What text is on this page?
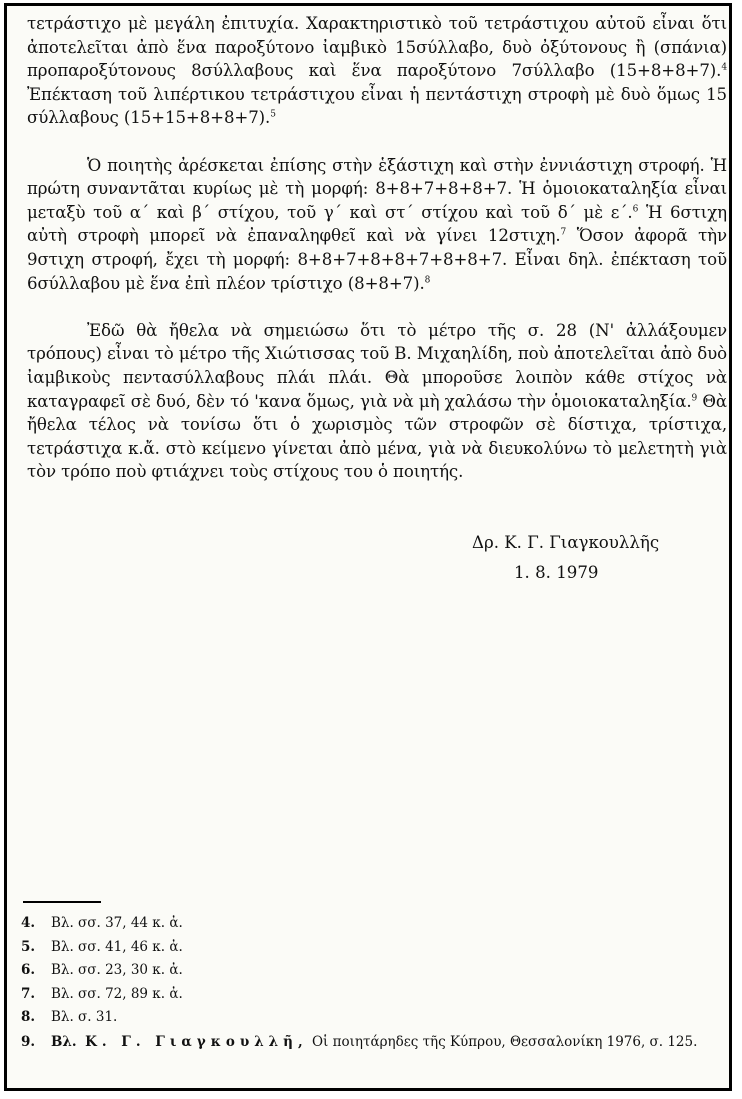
τετράστιχο μὲ μεγάλη ἐπιτυχία. Χαρακτηριστικὸ τοῦ τετράστιχου αὐτοῦ εἶναι ὅτι ἀποτελεῖται ἀπὸ ἕνα παροξύτονο ἰαμβικὸ 15σύλλαβο, δυὸ ὀξύτονους ἢ (σπάνια) προπαροξύτονους 8σύλλαβους καὶ ἕνα παροξύτονο 7σύλλαβο (15+8+8+7).$^4$ Ἐπέκταση τοῦ λιπέρτικου τετράστιχου εἶναι ἡ πεντάστιχη στροφὴ μὲ δυὸ ὅμως 15 σύλλαβους (15+15+8+8+7).$^5$

Ὁ ποιητὴς ἀρέσκεται ἐπίσης στὴν ἑξάστιχη καὶ στὴν ἐννιάστιχη στροφή. Ἡ πρώτη συναντᾶται κυρίως μὲ τὴ μορφή: 8+8+7+8+8+7. Ἡ ὁμοιοκαταληξία εἶναι μεταξὺ τοῦ α΄ καὶ β΄ στίχου, τοῦ γ΄ καὶ στ΄ στίχου καὶ τοῦ δ΄ μὲ ε΄.$^6$ Ἡ 6στιχη αὐτὴ στροφὴ μπορεῖ νὰ ἐπαναληφθεῖ καὶ νὰ γίνει 12στιχη.$^7$ Ὅσον ἀφορᾶ τὴν 9στιχη στροφή, ἔχει τὴ μορφή: 8+8+7+8+8+7+8+8+7. Εἶναι δηλ. ἐπέκταση τοῦ 6σύλλαβου μὲ ἕνα ἐπὶ πλέον τρίστιχο (8+8+7).$^8$

Ἐδῶ θὰ ἤθελα νὰ σημειώσω ὅτι τὸ μέτρο τῆς σ. 28 (Ν' ἀλλάξουμεν τρόπους) εἶναι τὸ μέτρο τῆς Χιώτισσας τοῦ Β. Μιχαηλίδη, ποὺ ἀποτελεῖται ἀπὸ δυὸ ἰαμβικοὺς πεντασύλλαβους πλάι πλάι. Θὰ μποροῦσε λοιπὸν κάθε στίχος νὰ καταγραφεῖ σὲ δυό, δὲν τό 'κανα ὅμως, γιὰ νὰ μὴ χαλάσω τὴν ὁμοιοκαταληξία.$^9$ Θὰ ἤθελα τέλος νὰ τονίσω ὅτι ὁ χωρισμὸς τῶν στροφῶν σὲ δίστιχα, τρίστιχα, τετράστιχα κ.ἄ. στὸ κείμενο γίνεται ἀπὸ μένα, γιὰ νὰ διευκολύνω τὸ μελετητὴ γιὰ τὸν τρόπο ποὺ φτιάχνει τοὺς στίχους του ὁ ποιητής.

Δρ. Κ. Γ. Γιαγκουλλῆς
1. 8. 1979
4.	Βλ. σσ. 37, 44 κ. ἀ.
5.	Βλ. σσ. 41, 46 κ. ἀ.
6.	Βλ. σσ. 23, 30 κ. ἀ.
7.	Βλ. σσ. 72, 89 κ. ἀ.
8.	Βλ. σ. 31.
9.	Βλ. Κ. Γ. Γιαγκουλλῆ, Οἱ ποιητάρηδες τῆς Κύπρου, Θεσσαλονίκη 1976, σ. 125.
